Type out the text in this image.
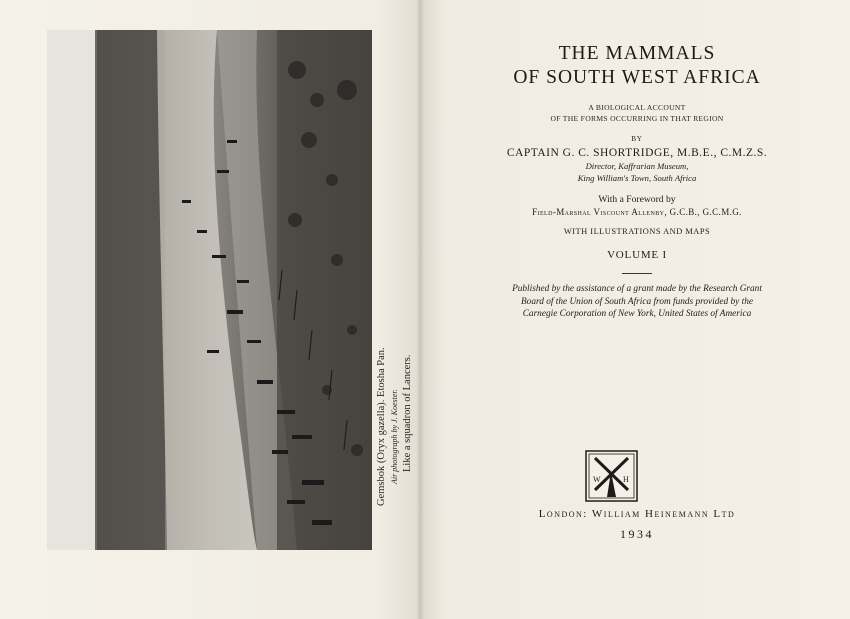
Gemsbok (Oryx gazella). Etosha Pan. Air photograph by J. Koester. Like a squadron of Lancers.
THE MAMMALS
OF SOUTH WEST AFRICA
A BIOLOGICAL ACCOUNT
OF THE FORMS OCCURRING IN THAT REGION
BY
CAPTAIN G. C. SHORTRIDGE, M.B.E., C.M.Z.S.
Director, Kaffrarian Museum,
King William's Town, South Africa
With a Foreword by
Field-Marshal Viscount Allenby, G.C.B., G.C.M.G.
WITH ILLUSTRATIONS AND MAPS
VOLUME I
Published by the assistance of a grant made by the Research Grant
Board of the Union of South Africa from funds provided by the
Carnegie Corporation of New York, United States of America
W	H
London: William Heinemann Ltd
1934
